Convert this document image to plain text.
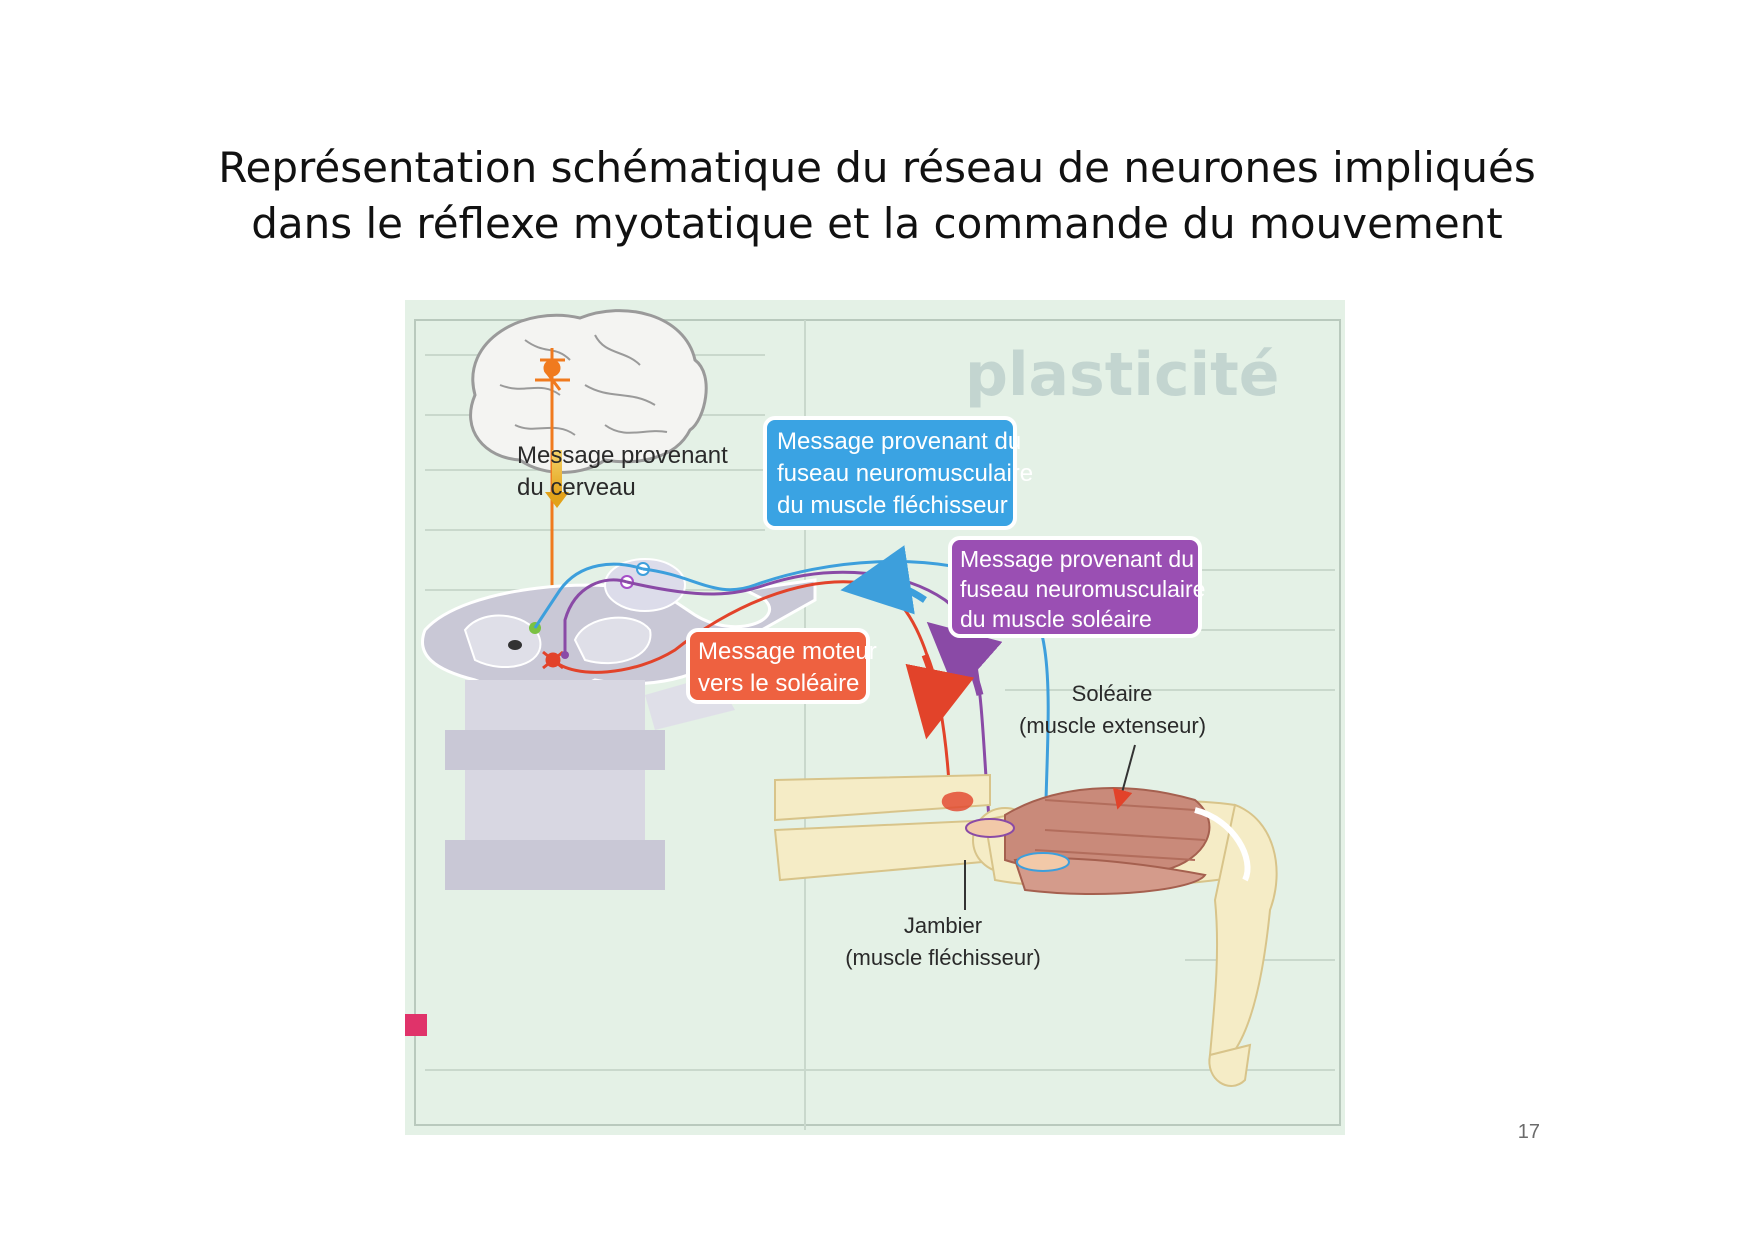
Représentation schématique du réseau de neurones impliqués
dans le réflexe myotatique et la commande du mouvement
plasticité
Message provenant
du cerveau
Message provenant du
fuseau neuromusculaire
du muscle fléchisseur
Message provenant du
fuseau neuromusculaire
du muscle soléaire
Message moteur
vers le soléaire	Soléaire
(muscle extenseur)
Jambier
(muscle fléchisseur)
17
